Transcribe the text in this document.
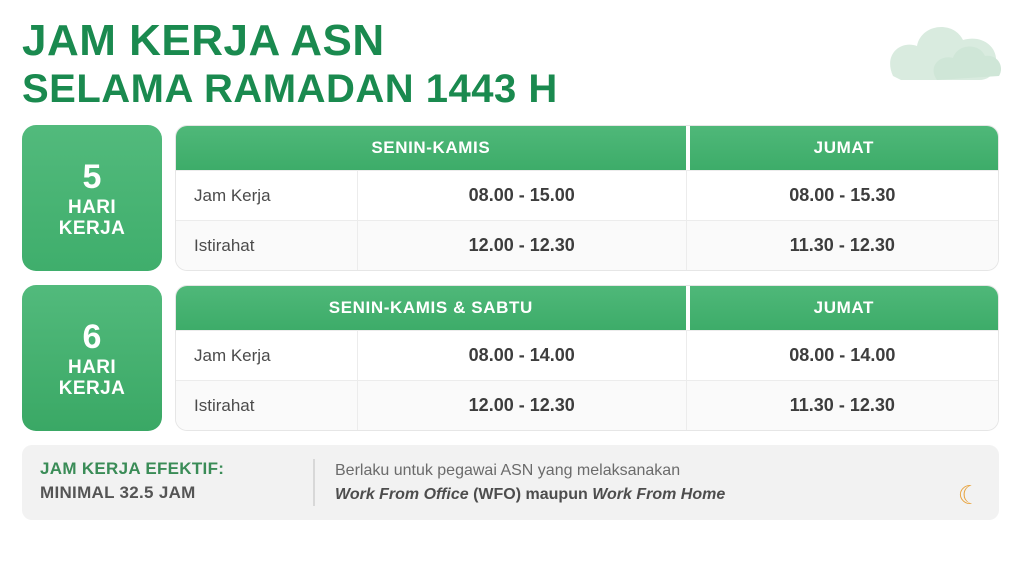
JAM KERJA ASN
SELAMA RAMADAN 1443 H
5
HARI
KERJA
SENIN-KAMIS	JUMAT
Jam Kerja	08.00 - 15.00	08.00 - 15.30
Istirahat	12.00 - 12.30	11.30 - 12.30
6
HARI
KERJA
SENIN-KAMIS & SABTU	JUMAT
Jam Kerja	08.00 - 14.00	08.00 - 14.00
Istirahat	12.00 - 12.30	11.30 - 12.30
JAM KERJA EFEKTIF:
MINIMAL 32.5 JAM
Berlaku untuk pegawai ASN yang melaksanakan
Work From Office (WFO) maupun Work From Home	☾
